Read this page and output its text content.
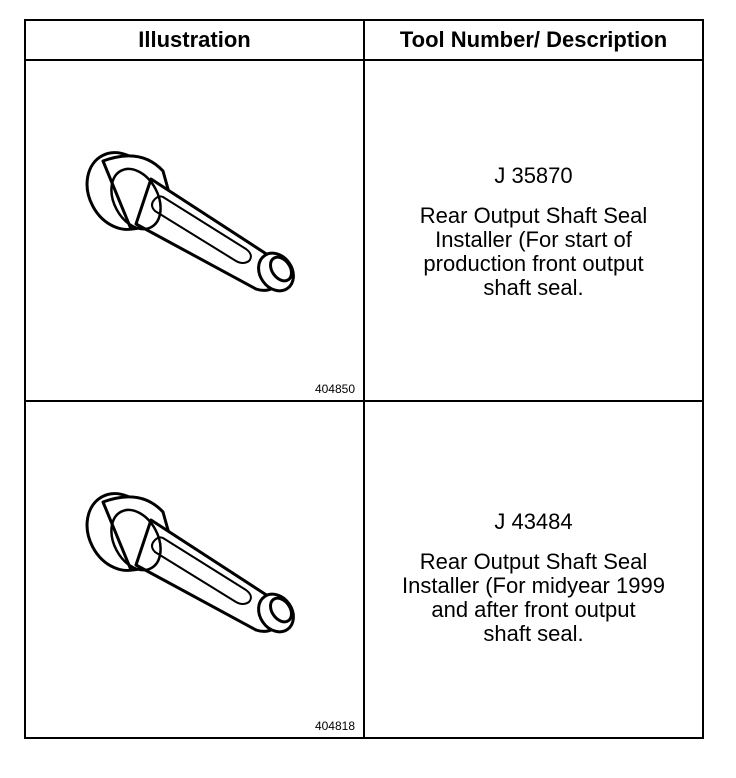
Illustration	Tool Number/ Description
404850
J 35870
Rear Output Shaft Seal
Installer (For start of
production front output
shaft seal.
404818
J 43484
Rear Output Shaft Seal
Installer (For midyear 1999
and after front output
shaft seal.
